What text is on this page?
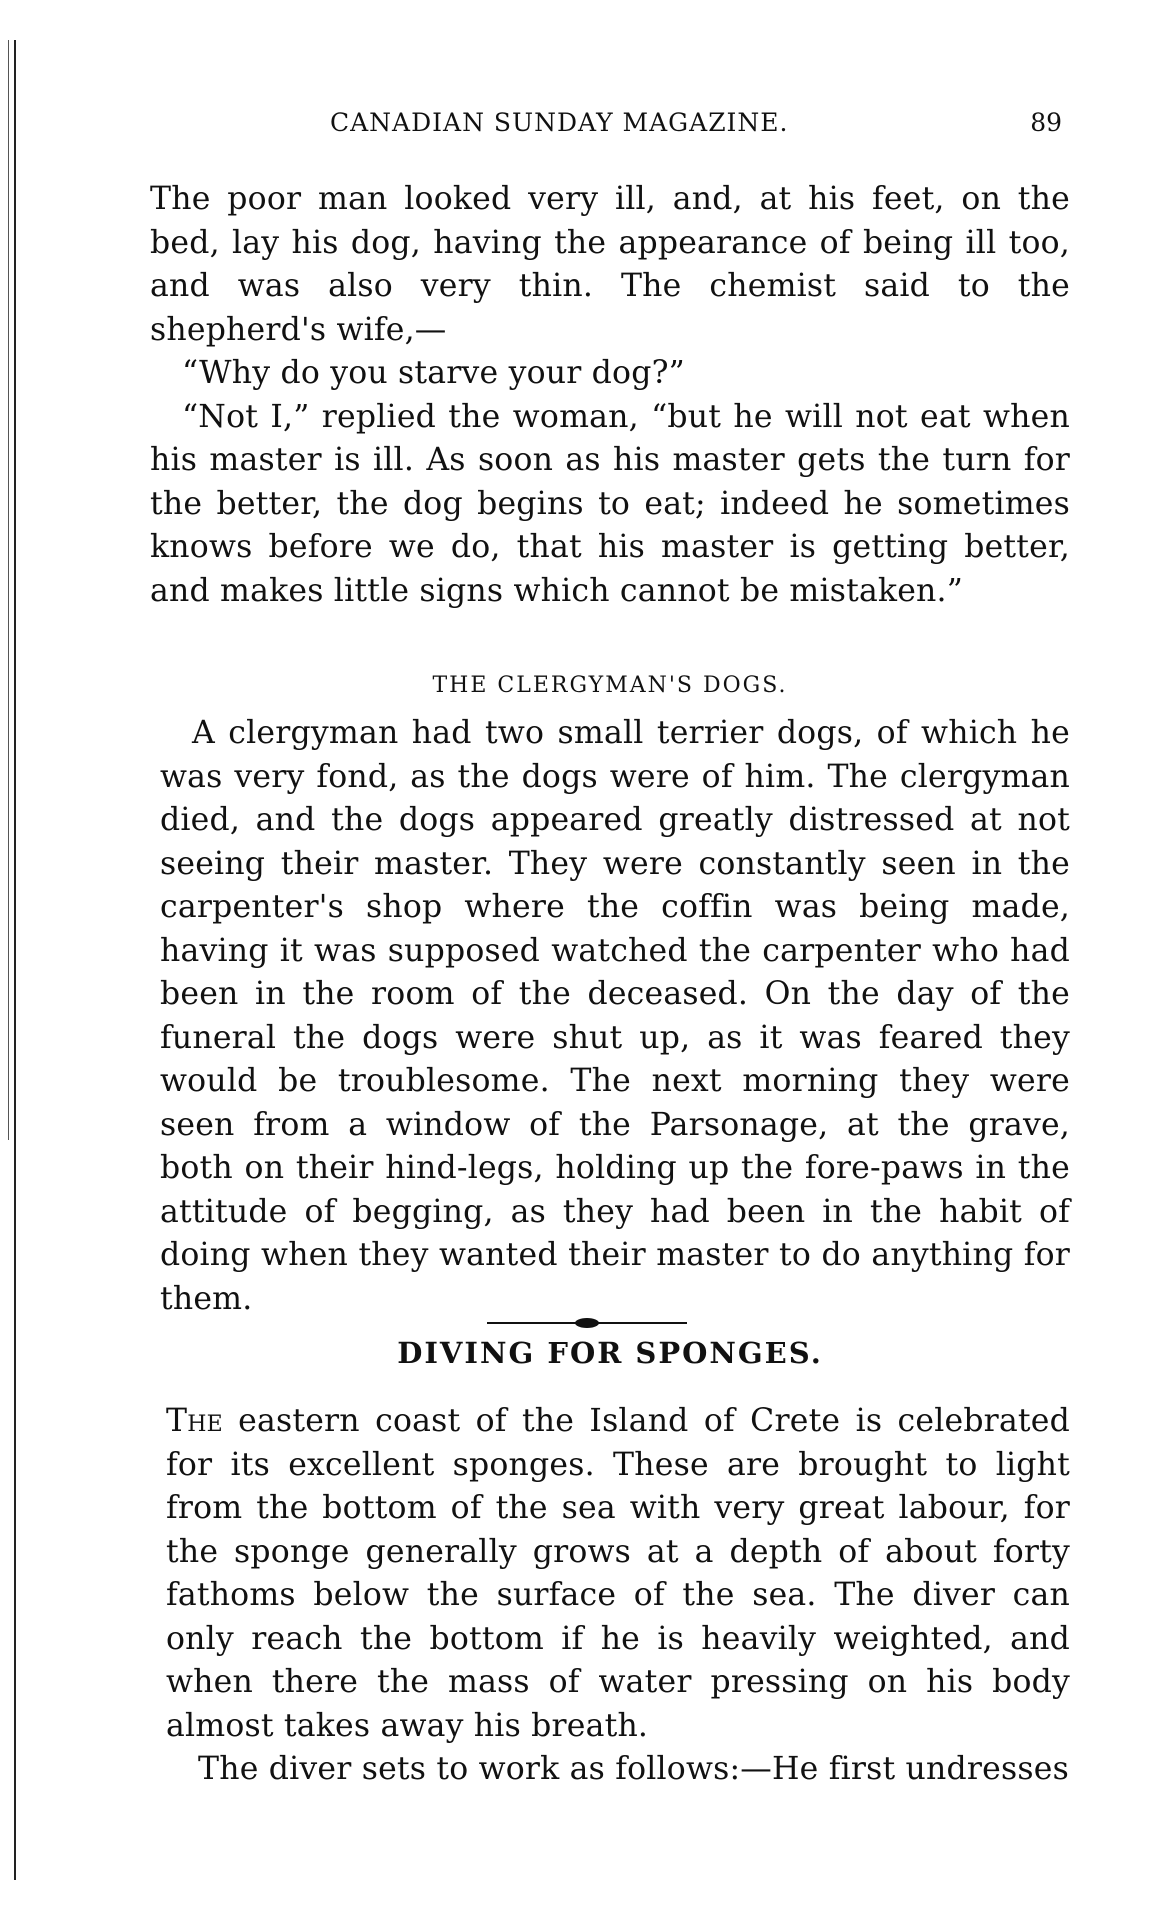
CANADIAN SUNDAY MAGAZINE.	89

The poor man looked very ill, and, at his feet, on the bed, lay his dog, having the appearance of being ill too, and was also very thin. The chemist said to the shepherd's wife,—

“Why do you starve your dog?”

“Not I,” replied the woman, “but he will not eat when his master is ill. As soon as his master gets the turn for the better, the dog begins to eat; indeed he sometimes knows before we do, that his master is getting better, and makes little signs which cannot be mistaken.”

THE CLERGYMAN'S DOGS.

A clergyman had two small terrier dogs, of which he was very fond, as the dogs were of him. The clergyman died, and the dogs appeared greatly distressed at not seeing their master. They were constantly seen in the carpenter's shop where the coffin was being made, having it was supposed watched the carpenter who had been in the room of the deceased. On the day of the funeral the dogs were shut up, as it was feared they would be troublesome. The next morning they were seen from a window of the Parsonage, at the grave, both on their hind-legs, holding up the fore-paws in the attitude of begging, as they had been in the habit of doing when they wanted their master to do anything for them.

DIVING FOR SPONGES.

The eastern coast of the Island of Crete is celebrated for its excellent sponges. These are brought to light from the bottom of the sea with very great labour, for the sponge generally grows at a depth of about forty fathoms below the surface of the sea. The diver can only reach the bottom if he is heavily weighted, and when there the mass of water pressing on his body almost takes away his breath.

The diver sets to work as follows:—He first undresses
